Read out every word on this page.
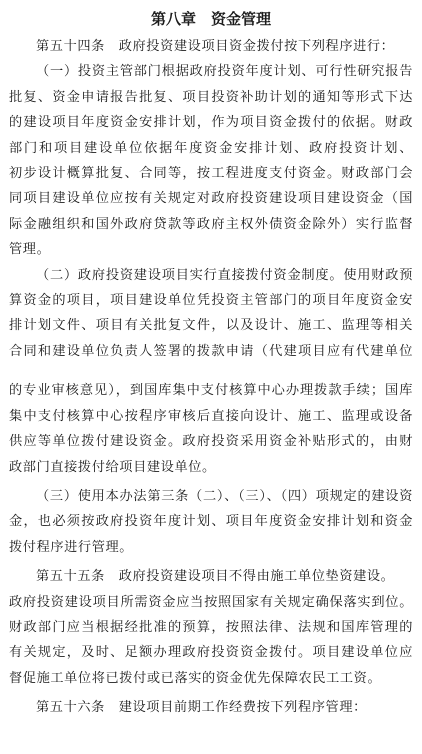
第八章　资金管理
第五十四条　政府投资建设项目资金拨付按下列程序进行：
（一）投资主管部门根据政府投资年度计划、可行性研究报告
批复、资金申请报告批复、项目投资补助计划的通知等形式下达
的建设项目年度资金安排计划，作为项目资金拨付的依据。财政
部门和项目建设单位依据年度资金安排计划、政府投资计划、
初步设计概算批复、合同等，按工程进度支付资金。财政部门会
同项目建设单位应按有关规定对政府投资建设项目建设资金（国
际金融组织和国外政府贷款等政府主权外债资金除外）实行监督
管理。
（二）政府投资建设项目实行直接拨付资金制度。使用财政预
算资金的项目，项目建设单位凭投资主管部门的项目年度资金安
排计划文件、项目有关批复文件，以及设计、施工、监理等相关
合同和建设单位负责人签署的拨款申请（代建项目应有代建单位
的专业审核意见），到国库集中支付核算中心办理拨款手续；国库
集中支付核算中心按程序审核后直接向设计、施工、监理或设备
供应等单位拨付建设资金。政府投资采用资金补贴形式的，由财
政部门直接拨付给项目建设单位。
（三）使用本办法第三条（二）、（三）、（四）项规定的建设资
金，也必须按政府投资年度计划、项目年度资金安排计划和资金
拨付程序进行管理。
第五十五条　政府投资建设项目不得由施工单位垫资建设。
政府投资建设项目所需资金应当按照国家有关规定确保落实到位。
财政部门应当根据经批准的预算，按照法律、法规和国库管理的
有关规定，及时、足额办理政府投资资金拨付。项目建设单位应
督促施工单位将已拨付或已落实的资金优先保障农民工工资。
第五十六条　建设项目前期工作经费按下列程序管理：
